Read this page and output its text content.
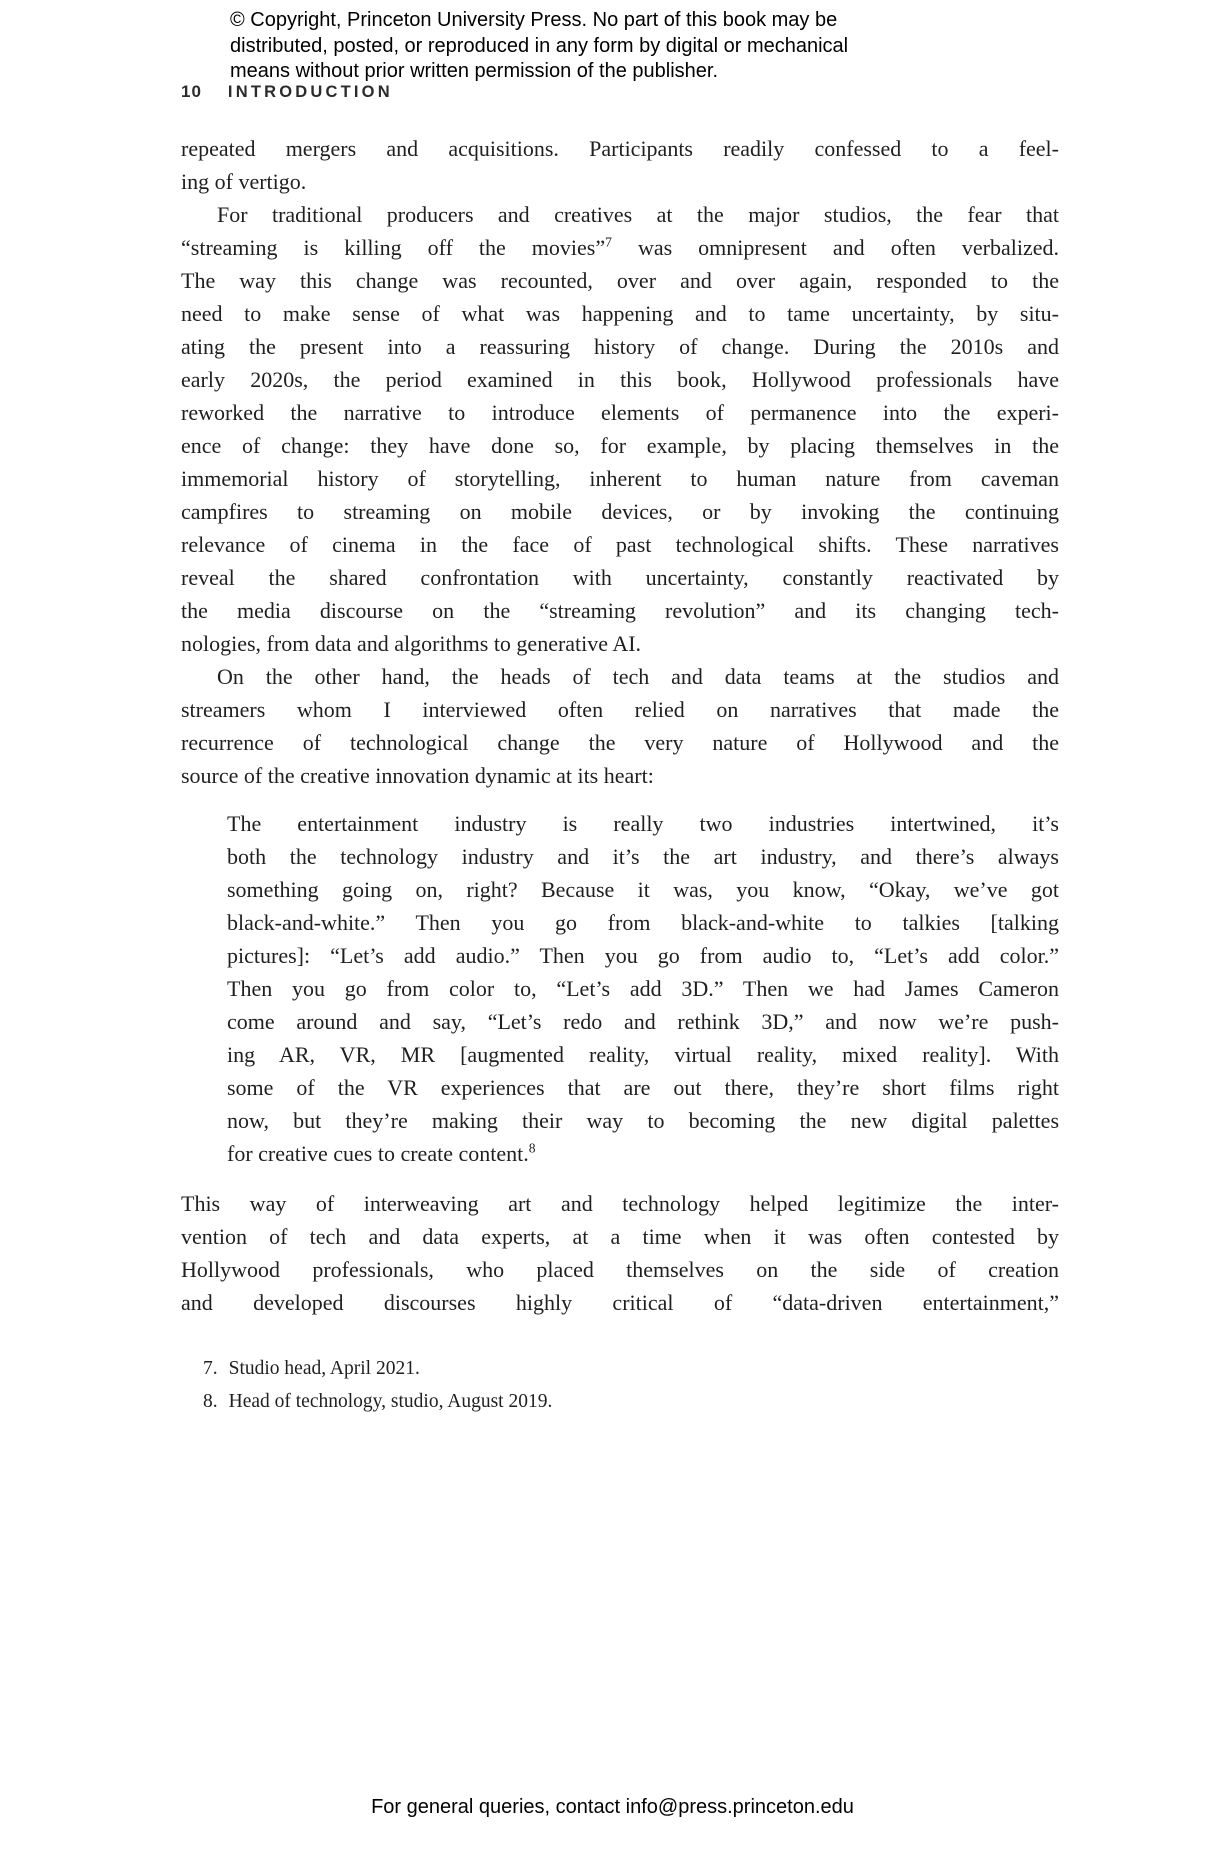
© Copyright, Princeton University Press. No part of this book may be
distributed, posted, or reproduced in any form by digital or mechanical
means without prior written permission of the publisher.
10 INTRODUCTION
repeated mergers and acquisitions. Participants readily confessed to a feel-
ing of vertigo.
For traditional producers and creatives at the major studios, the fear that
“streaming is killing off the movies”$^7$ was omnipresent and often verbalized.
The way this change was recounted, over and over again, responded to the
need to make sense of what was happening and to tame uncertainty, by situ-
ating the present into a reassuring history of change. During the 2010s and
early 2020s, the period examined in this book, Hollywood professionals have
reworked the narrative to introduce elements of permanence into the experi-
ence of change: they have done so, for example, by placing themselves in the
immemorial history of storytelling, inherent to human nature from caveman
campfires to streaming on mobile devices, or by invoking the continuing
relevance of cinema in the face of past technological shifts. These narratives
reveal the shared confrontation with uncertainty, constantly reactivated by
the media discourse on the “streaming revolution” and its changing tech-
nologies, from data and algorithms to generative AI.
On the other hand, the heads of tech and data teams at the studios and
streamers whom I interviewed often relied on narratives that made the
recurrence of technological change the very nature of Hollywood and the
source of the creative innovation dynamic at its heart:
The entertainment industry is really two industries intertwined, it’s
both the technology industry and it’s the art industry, and there’s always
something going on, right? Because it was, you know, “Okay, we’ve got
black-and-white.” Then you go from black-and-white to talkies [talking
pictures]: “Let’s add audio.” Then you go from audio to, “Let’s add color.”
Then you go from color to, “Let’s add 3D.” Then we had James Cameron
come around and say, “Let’s redo and rethink 3D,” and now we’re push-
ing AR, VR, MR [augmented reality, virtual reality, mixed reality]. With
some of the VR experiences that are out there, they’re short films right
now, but they’re making their way to becoming the new digital palettes
for creative cues to create content.$^8$
This way of interweaving art and technology helped legitimize the inter-
vention of tech and data experts, at a time when it was often contested by
Hollywood professionals, who placed themselves on the side of creation
and developed discourses highly critical of “data-driven entertainment,”
7. Studio head, April 2021.
8. Head of technology, studio, August 2019.
For general queries, contact info@press.princeton.edu
